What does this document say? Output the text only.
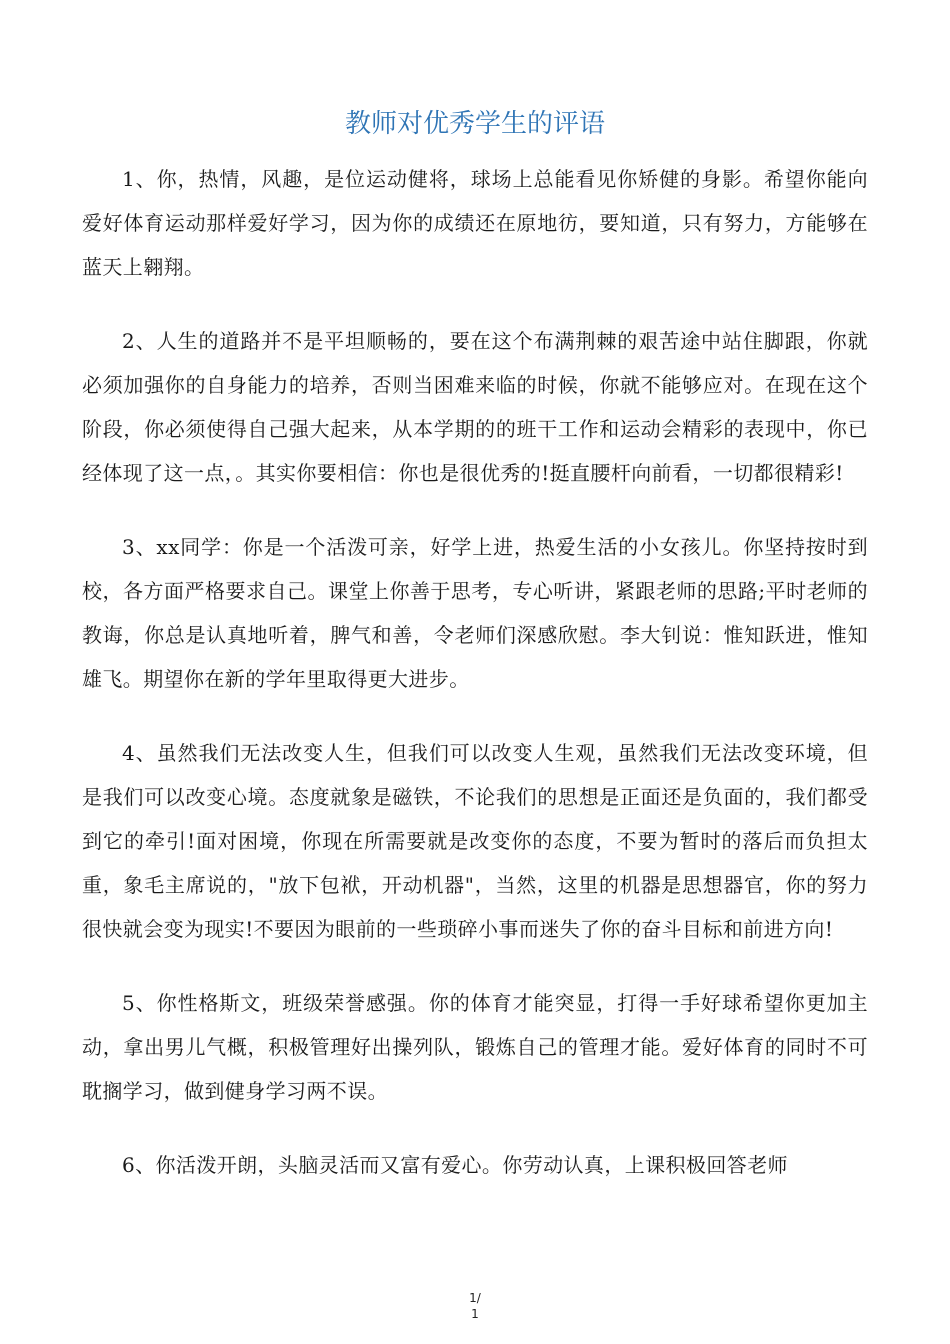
教师对优秀学生的评语

1、你，热情，风趣，是位运动健将，球场上总能看见你矫健的身影。希望你能向爱好体育运动那样爱好学习，因为你的成绩还在原地彷，要知道，只有努力，方能够在蓝天上翱翔。

2、人生的道路并不是平坦顺畅的，要在这个布满荆棘的艰苦途中站住脚跟，你就必须加强你的自身能力的培养，否则当困难来临的时候，你就不能够应对。在现在这个阶段，你必须使得自己强大起来，从本学期的的班干工作和运动会精彩的表现中，你已经体现了这一点，。其实你要相信：你也是很优秀的!挺直腰杆向前看，一切都很精彩!

3、xx同学：你是一个活泼可亲，好学上进，热爱生活的小女孩儿。你坚持按时到校，各方面严格要求自己。课堂上你善于思考，专心听讲，紧跟老师的思路;平时老师的教诲，你总是认真地听着，脾气和善，令老师们深感欣慰。李大钊说：惟知跃进，惟知雄飞。期望你在新的学年里取得更大进步。

4、虽然我们无法改变人生，但我们可以改变人生观，虽然我们无法改变环境，但是我们可以改变心境。态度就象是磁铁，不论我们的思想是正面还是负面的，我们都受到它的牵引!面对困境，你现在所需要就是改变你的态度，不要为暂时的落后而负担太重，象毛主席说的，"放下包袱，开动机器"，当然，这里的机器是思想器官，你的努力很快就会变为现实!不要因为眼前的一些琐碎小事而迷失了你的奋斗目标和前进方向!

5、你性格斯文，班级荣誉感强。你的体育才能突显，打得一手好球希望你更加主动，拿出男儿气概，积极管理好出操列队，锻炼自己的管理才能。爱好体育的同时不可耽搁学习，做到健身学习两不误。

6、你活泼开朗，头脑灵活而又富有爱心。你劳动认真，上课积极回答老师

1/
1
